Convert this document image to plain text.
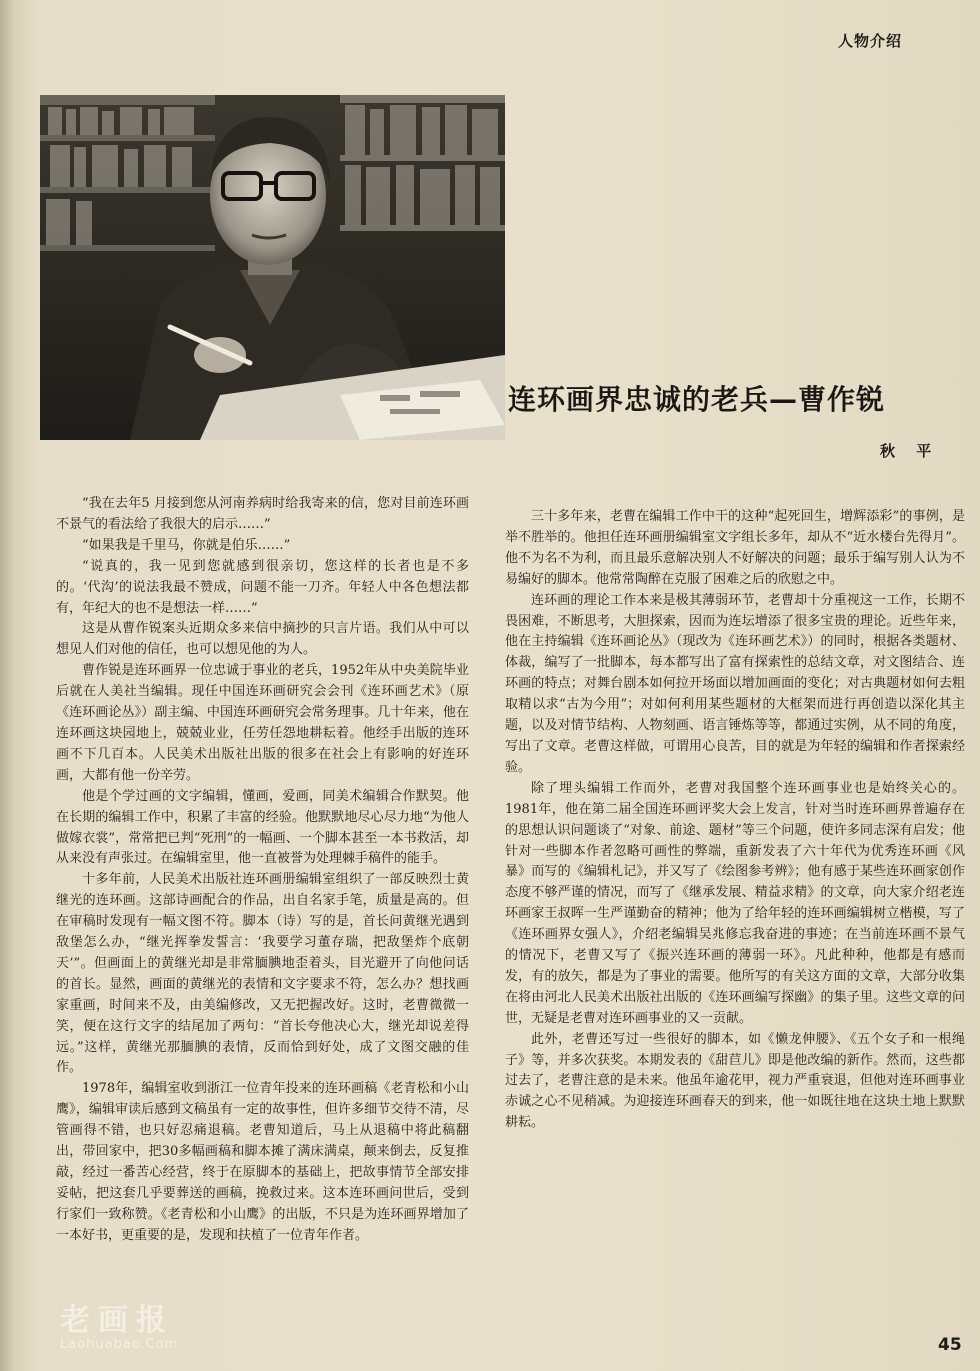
人物介绍
连环画界忠诚的老兵—曹作锐
秋 平

“我在去年5 月接到您从河南养病时给我寄来的信，您对目前连环画不景气的看法给了我很大的启示……”

“如果我是千里马，你就是伯乐……”

“说真的，我一见到您就感到很亲切，您这样的长者也是不多的。‘代沟’的说法我最不赞成，问题不能一刀齐。年轻人中各色想法都有，年纪大的也不是想法一样……”

这是从曹作锐案头近期众多来信中摘抄的只言片语。我们从中可以想见人们对他的信任，也可以想见他的为人。

曹作锐是连环画界一位忠诚于事业的老兵，1952年从中央美院毕业后就在人美社当编辑。现任中国连环画研究会会刊《连环画艺术》（原《连环画论丛》）副主编、中国连环画研究会常务理事。几十年来，他在连环画这块园地上，兢兢业业，任劳任怨地耕耘着。他经手出版的连环画不下几百本。人民美术出版社出版的很多在社会上有影响的好连环画，大都有他一份辛劳。

他是个学过画的文字编辑，懂画，爱画，同美术编辑合作默契。他在长期的编辑工作中，积累了丰富的经验。他默默地尽心尽力地“为他人做嫁衣裳”，常常把已判“死刑”的一幅画、一个脚本甚至一本书救活，却从来没有声张过。在编辑室里，他一直被誉为处理棘手稿件的能手。

十多年前，人民美术出版社连环画册编辑室组织了一部反映烈士黄继光的连环画。这部诗画配合的作品，出自名家手笔，质量是高的。但在审稿时发现有一幅文图不符。脚本（诗）写的是，首长问黄继光遇到敌堡怎么办，“继光挥拳发誓言：‘我要学习董存瑞，把敌堡炸个底朝天’”。但画面上的黄继光却是非常腼腆地歪着头，目光避开了向他问话的首长。显然，画面的黄继光的表情和文字要求不符，怎么办？想找画家重画，时间来不及，由美编修改，又无把握改好。这时，老曹微微一笑，便在这行文字的结尾加了两句：“首长夸他决心大，继光却说差得远。”这样，黄继光那腼腆的表情，反而恰到好处，成了文图交融的佳作。

1978年，编辑室收到浙江一位青年投来的连环画稿《老青松和小山鹰》，编辑审读后感到文稿虽有一定的故事性，但许多细节交待不清，尽管画得不错，也只好忍痛退稿。老曹知道后，马上从退稿中将此稿翻出，带回家中，把30多幅画稿和脚本摊了满床满桌，颠来倒去，反复推敲，经过一番苦心经营，终于在原脚本的基础上，把故事情节全部安排妥帖，把这套几乎要葬送的画稿，挽救过来。这本连环画问世后，受到行家们一致称赞。《老青松和小山鹰》的出版，不只是为连环画界增加了一本好书，更重要的是，发现和扶植了一位青年作者。

三十多年来，老曹在编辑工作中干的这种“起死回生，增辉添彩”的事例，是举不胜举的。他担任连环画册编辑室文字组长多年，却从不“近水楼台先得月”。他不为名不为利，而且最乐意解决别人不好解决的问题；最乐于编写别人认为不易编好的脚本。他常常陶醉在克服了困难之后的欣慰之中。

连环画的理论工作本来是极其薄弱环节，老曹却十分重视这一工作，长期不畏困难，不断思考，大胆探索，因而为连坛增添了很多宝贵的理论。近些年来，他在主持编辑《连环画论丛》（现改为《连环画艺术》）的同时，根据各类题材、体裁，编写了一批脚本，每本都写出了富有探索性的总结文章，对文图结合、连环画的特点；对舞台剧本如何拉开场面以增加画面的变化；对古典题材如何去粗取精以求“古为今用”；对如何利用某些题材的大框架而进行再创造以深化其主题，以及对情节结构、人物刻画、语言锤炼等等，都通过实例，从不同的角度，写出了文章。老曹这样做，可谓用心良苦，目的就是为年轻的编辑和作者探索经验。

除了埋头编辑工作而外，老曹对我国整个连环画事业也是始终关心的。1981年，他在第二届全国连环画评奖大会上发言，针对当时连环画界普遍存在的思想认识问题谈了“对象、前途、题材”等三个问题，使许多同志深有启发；他针对一些脚本作者忽略可画性的弊端，重新发表了六十年代为优秀连环画《风暴》而写的《编辑札记》，并又写了《绘图参考辨》；他有感于某些连环画家创作态度不够严谨的情况，而写了《继承发展、精益求精》的文章，向大家介绍老连环画家王叔晖一生严谨勤奋的精神；他为了给年轻的连环画编辑树立楷模，写了《连环画界女强人》，介绍老编辑吴兆修忘我奋进的事迹；在当前连环画不景气的情况下，老曹又写了《振兴连环画的薄弱一环》。凡此种种，他都是有感而发，有的放矢，都是为了事业的需要。他所写的有关这方面的文章，大部分收集在将由河北人民美术出版社出版的《连环画编写探幽》的集子里。这些文章的问世，无疑是老曹对连环画事业的又一贡献。

此外，老曹还写过一些很好的脚本，如《懒龙伸腰》、《五个女子和一根绳子》等，并多次获奖。本期发表的《甜苣儿》即是他改编的新作。然而，这些都过去了，老曹注意的是未来。他虽年逾花甲，视力严重衰退，但他对连环画事业赤诚之心不见稍减。为迎接连环画春天的到来，他一如既往地在这块土地上默默耕耘。

老画报
Laohuabao.Com	45
